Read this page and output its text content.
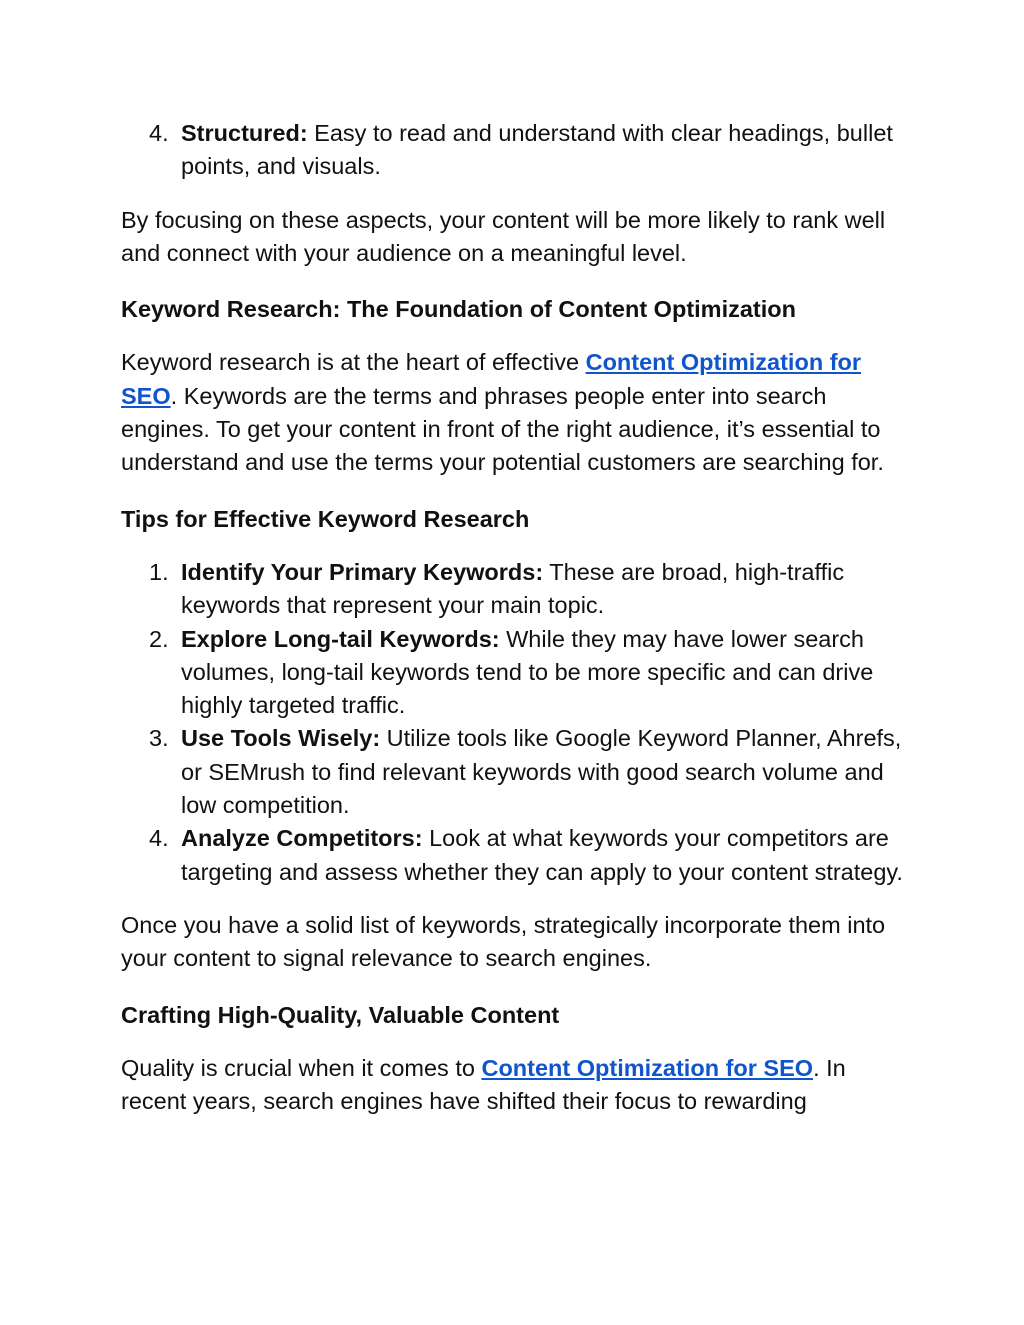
4. Structured: Easy to read and understand with clear headings, bullet points, and visuals.

By focusing on these aspects, your content will be more likely to rank well and connect with your audience on a meaningful level.

Keyword Research: The Foundation of Content Optimization

Keyword research is at the heart of effective Content Optimization for SEO. Keywords are the terms and phrases people enter into search engines. To get your content in front of the right audience, it’s essential to understand and use the terms your potential customers are searching for.

Tips for Effective Keyword Research
1. Identify Your Primary Keywords: These are broad, high-traffic keywords that represent your main topic.
2. Explore Long-tail Keywords: While they may have lower search volumes, long-tail keywords tend to be more specific and can drive highly targeted traffic.
3. Use Tools Wisely: Utilize tools like Google Keyword Planner, Ahrefs, or SEMrush to find relevant keywords with good search volume and low competition.
4. Analyze Competitors: Look at what keywords your competitors are targeting and assess whether they can apply to your content strategy.

Once you have a solid list of keywords, strategically incorporate them into your content to signal relevance to search engines.

Crafting High-Quality, Valuable Content

Quality is crucial when it comes to Content Optimization for SEO. In recent years, search engines have shifted their focus to rewarding
